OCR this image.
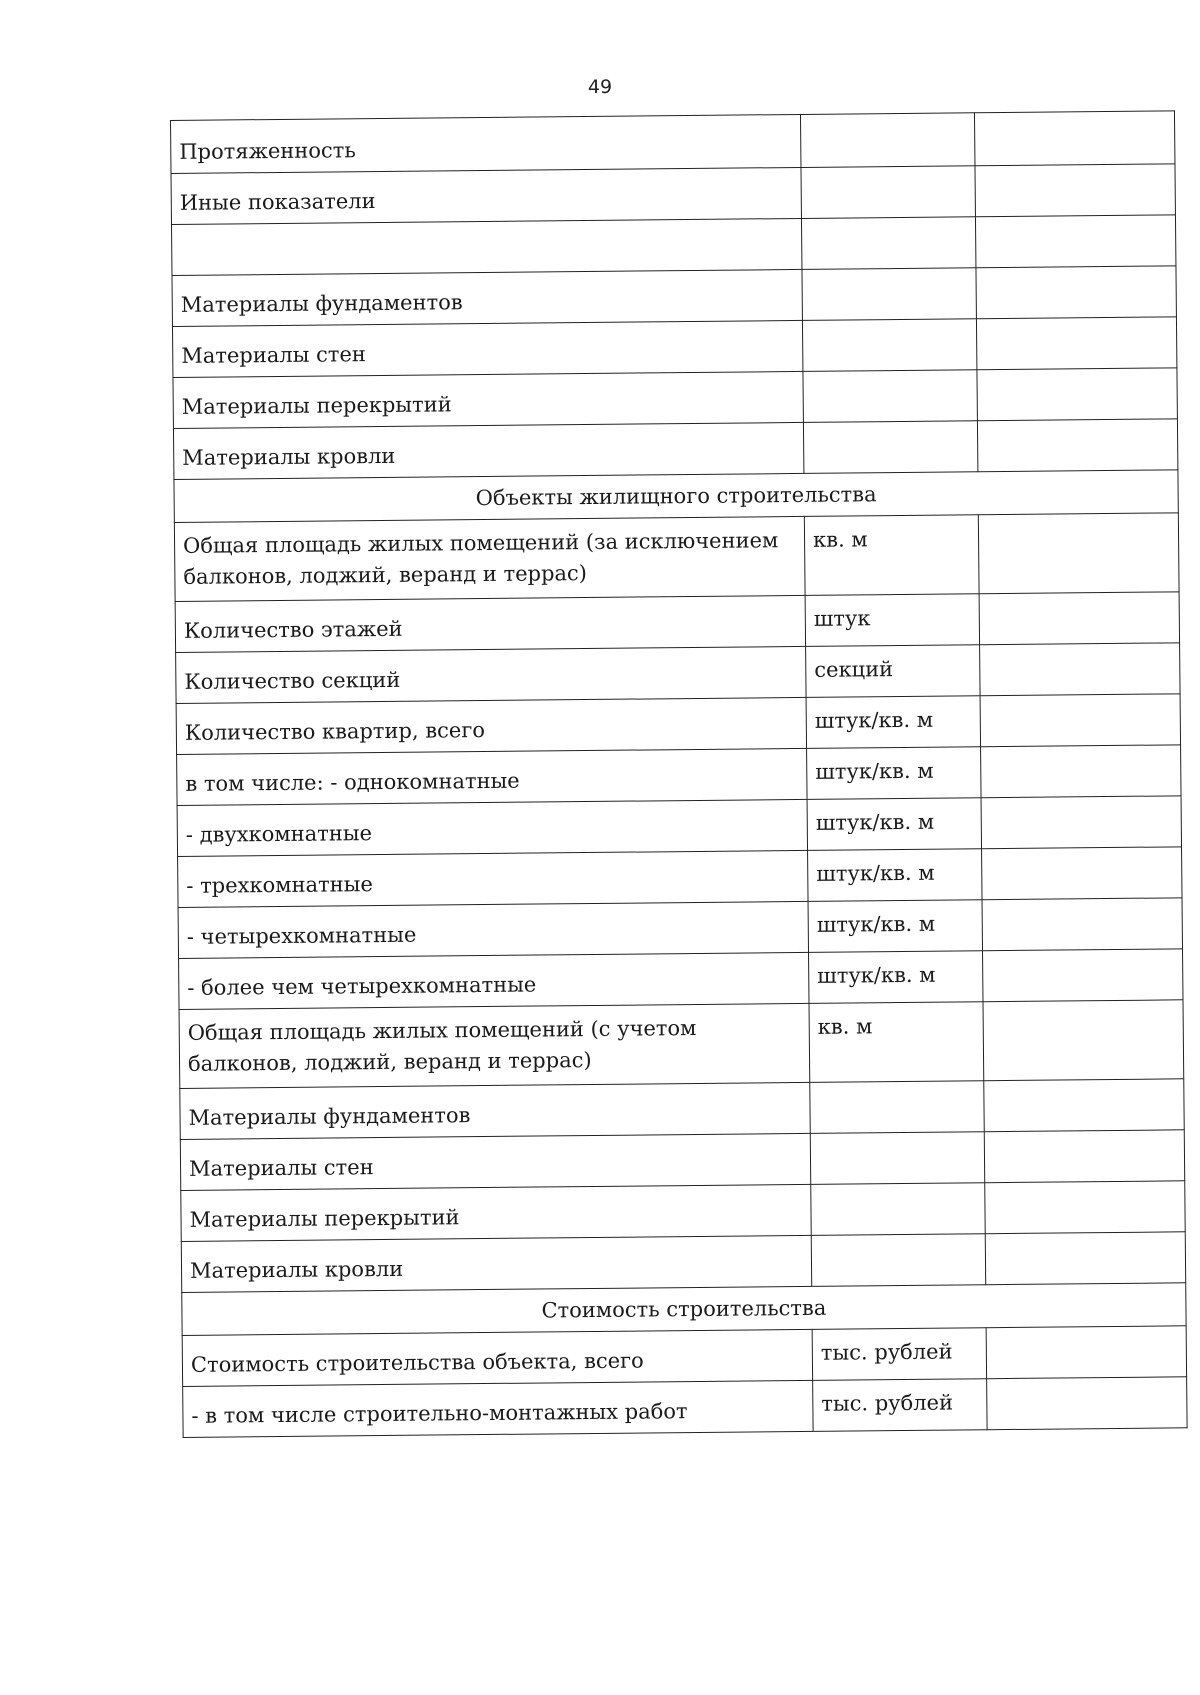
49
Протяженность		
Иные показатели		

Материалы фундаментов		
Материалы стен		
Материалы перекрытий		
Материалы кровли		
Объекты жилищного строительства		
Общая площадь жилых помещений (за исключением балконов, лоджий, веранд и террас)	кв. м	
Количество этажей	штук	
Количество секций	секций	
Количество квартир, всего	штук/кв. м	
в том числе: - однокомнатные	штук/кв. м	
- двухкомнатные	штук/кв. м	
- трехкомнатные	штук/кв. м	
- четырехкомнатные	штук/кв. м	
- более чем четырехкомнатные	штук/кв. м	
Общая площадь жилых помещений (с учетом балконов, лоджий, веранд и террас)	кв. м	
Материалы фундаментов		
Материалы стен		
Материалы перекрытий		
Материалы кровли		
Стоимость строительства		
Стоимость строительства объекта, всего	тыс. рублей	
- в том числе строительно-монтажных работ	тыс. рублей	
